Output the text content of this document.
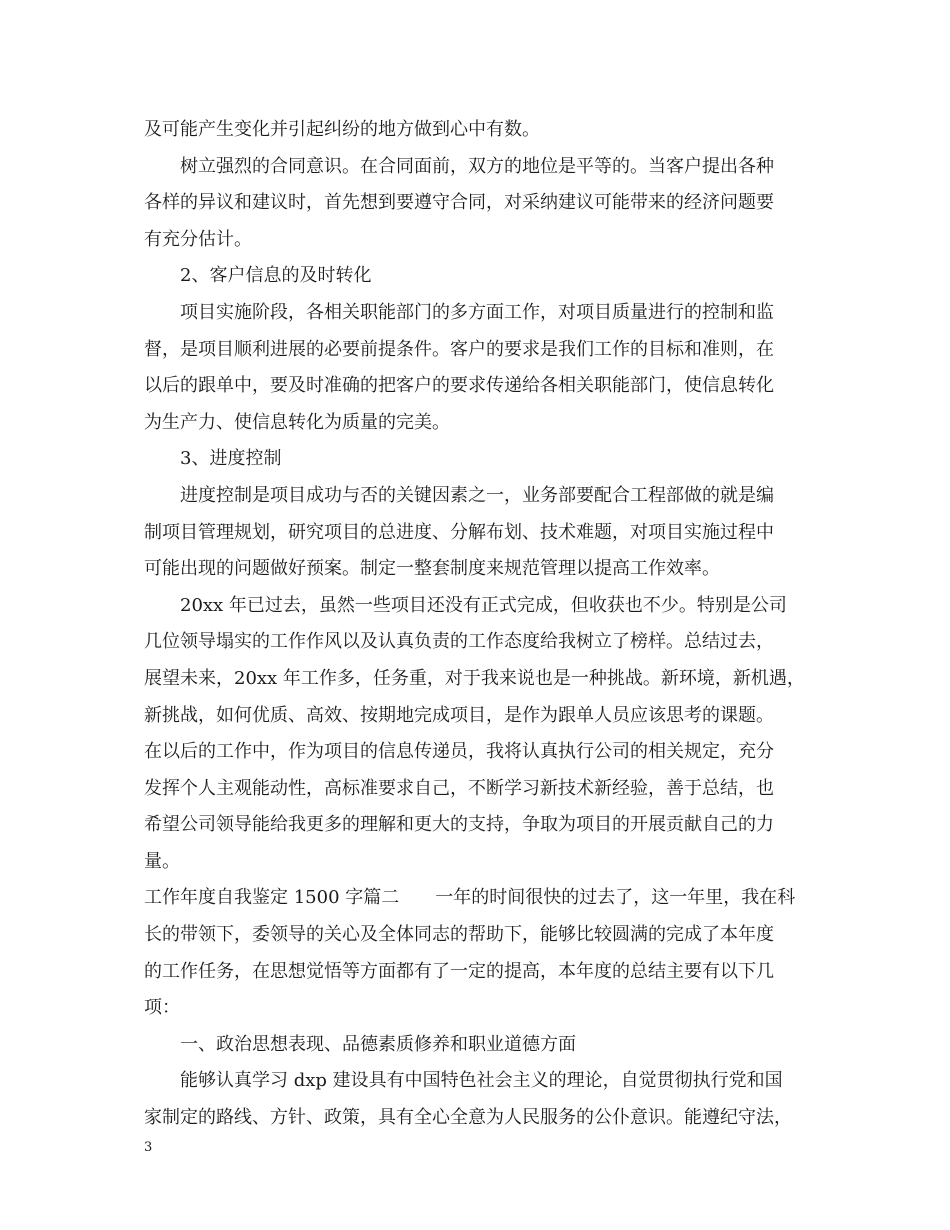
及可能产生变化并引起纠纷的地方做到心中有数。
树立强烈的合同意识。在合同面前，双方的地位是平等的。当客户提出各种
各样的异议和建议时，首先想到要遵守合同，对采纳建议可能带来的经济问题要
有充分估计。
2、客户信息的及时转化
项目实施阶段，各相关职能部门的多方面工作，对项目质量进行的控制和监
督，是项目顺利进展的必要前提条件。客户的要求是我们工作的目标和准则，在
以后的跟单中，要及时准确的把客户的要求传递给各相关职能部门，使信息转化
为生产力、使信息转化为质量的完美。
3、进度控制
进度控制是项目成功与否的关键因素之一，业务部要配合工程部做的就是编
制项目管理规划，研究项目的总进度、分解布划、技术难题，对项目实施过程中
可能出现的问题做好预案。制定一整套制度来规范管理以提高工作效率。
20xx 年已过去，虽然一些项目还没有正式完成，但收获也不少。特别是公司
几位领导塌实的工作作风以及认真负责的工作态度给我树立了榜样。总结过去，
展望未来，20xx 年工作多，任务重，对于我来说也是一种挑战。新环境，新机遇，
新挑战，如何优质、高效、按期地完成项目，是作为跟单人员应该思考的课题。
在以后的工作中，作为项目的信息传递员，我将认真执行公司的相关规定，充分
发挥个人主观能动性，高标准要求自己，不断学习新技术新经验，善于总结，也
希望公司领导能给我更多的理解和更大的支持，争取为项目的开展贡献自己的力
量。
工作年度自我鉴定 1500 字篇二　　一年的时间很快的过去了，这一年里，我在科
长的带领下，委领导的关心及全体同志的帮助下，能够比较圆满的完成了本年度
的工作任务，在思想觉悟等方面都有了一定的提高，本年度的总结主要有以下几
项：
一、政治思想表现、品德素质修养和职业道德方面
能够认真学习 dxp 建设具有中国特色社会主义的理论，自觉贯彻执行党和国
家制定的路线、方针、政策，具有全心全意为人民服务的公仆意识。能遵纪守法，
3
